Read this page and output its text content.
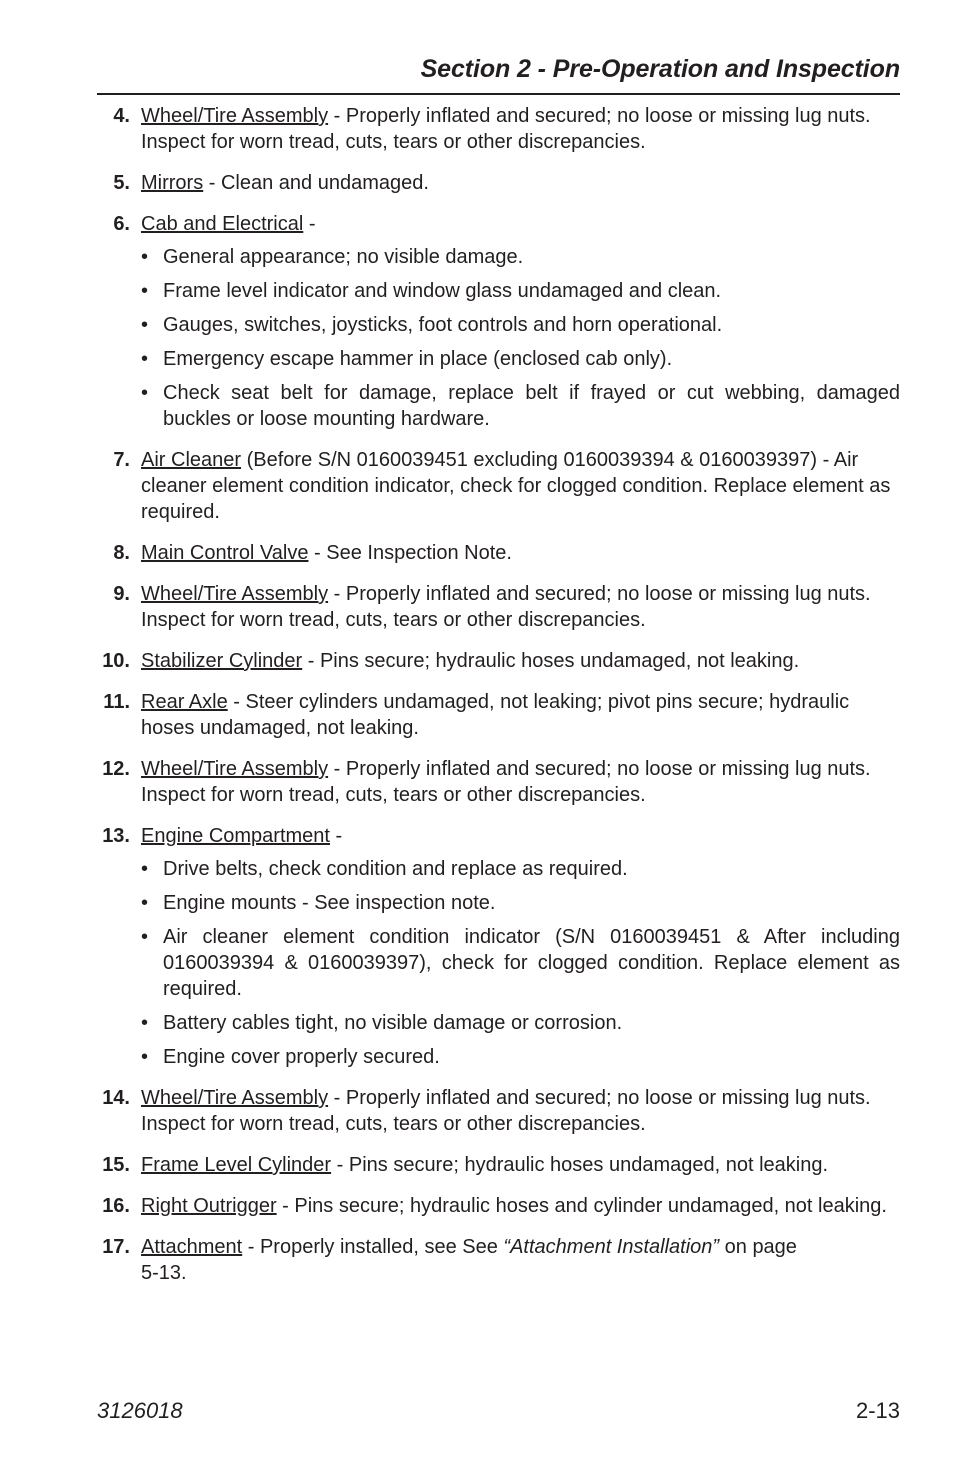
Section 2 - Pre-Operation and Inspection
4. Wheel/Tire Assembly - Properly inflated and secured; no loose or missing lug nuts. Inspect for worn tread, cuts, tears or other discrepancies.
5. Mirrors - Clean and undamaged.
6. Cab and Electrical -
• General appearance; no visible damage.
• Frame level indicator and window glass undamaged and clean.
• Gauges, switches, joysticks, foot controls and horn operational.
• Emergency escape hammer in place (enclosed cab only).
• Check seat belt for damage, replace belt if frayed or cut webbing, damaged buckles or loose mounting hardware.
7. Air Cleaner (Before S/N 0160039451 excluding 0160039394 & 0160039397) - Air cleaner element condition indicator, check for clogged condition. Replace element as required.
8. Main Control Valve - See Inspection Note.
9. Wheel/Tire Assembly - Properly inflated and secured; no loose or missing lug nuts. Inspect for worn tread, cuts, tears or other discrepancies.
10. Stabilizer Cylinder - Pins secure; hydraulic hoses undamaged, not leaking.
11. Rear Axle - Steer cylinders undamaged, not leaking; pivot pins secure; hydraulic hoses undamaged, not leaking.
12. Wheel/Tire Assembly - Properly inflated and secured; no loose or missing lug nuts. Inspect for worn tread, cuts, tears or other discrepancies.
13. Engine Compartment -
• Drive belts, check condition and replace as required.
• Engine mounts - See inspection note.
• Air cleaner element condition indicator (S/N 0160039451 & After including 0160039394 & 0160039397), check for clogged condition. Replace element as required.
• Battery cables tight, no visible damage or corrosion.
• Engine cover properly secured.
14. Wheel/Tire Assembly - Properly inflated and secured; no loose or missing lug nuts. Inspect for worn tread, cuts, tears or other discrepancies.
15. Frame Level Cylinder - Pins secure; hydraulic hoses undamaged, not leaking.
16. Right Outrigger - Pins secure; hydraulic hoses and cylinder undamaged, not leaking.
17. Attachment - Properly installed, see See “Attachment Installation” on page 5-13.

3126018	2-13
